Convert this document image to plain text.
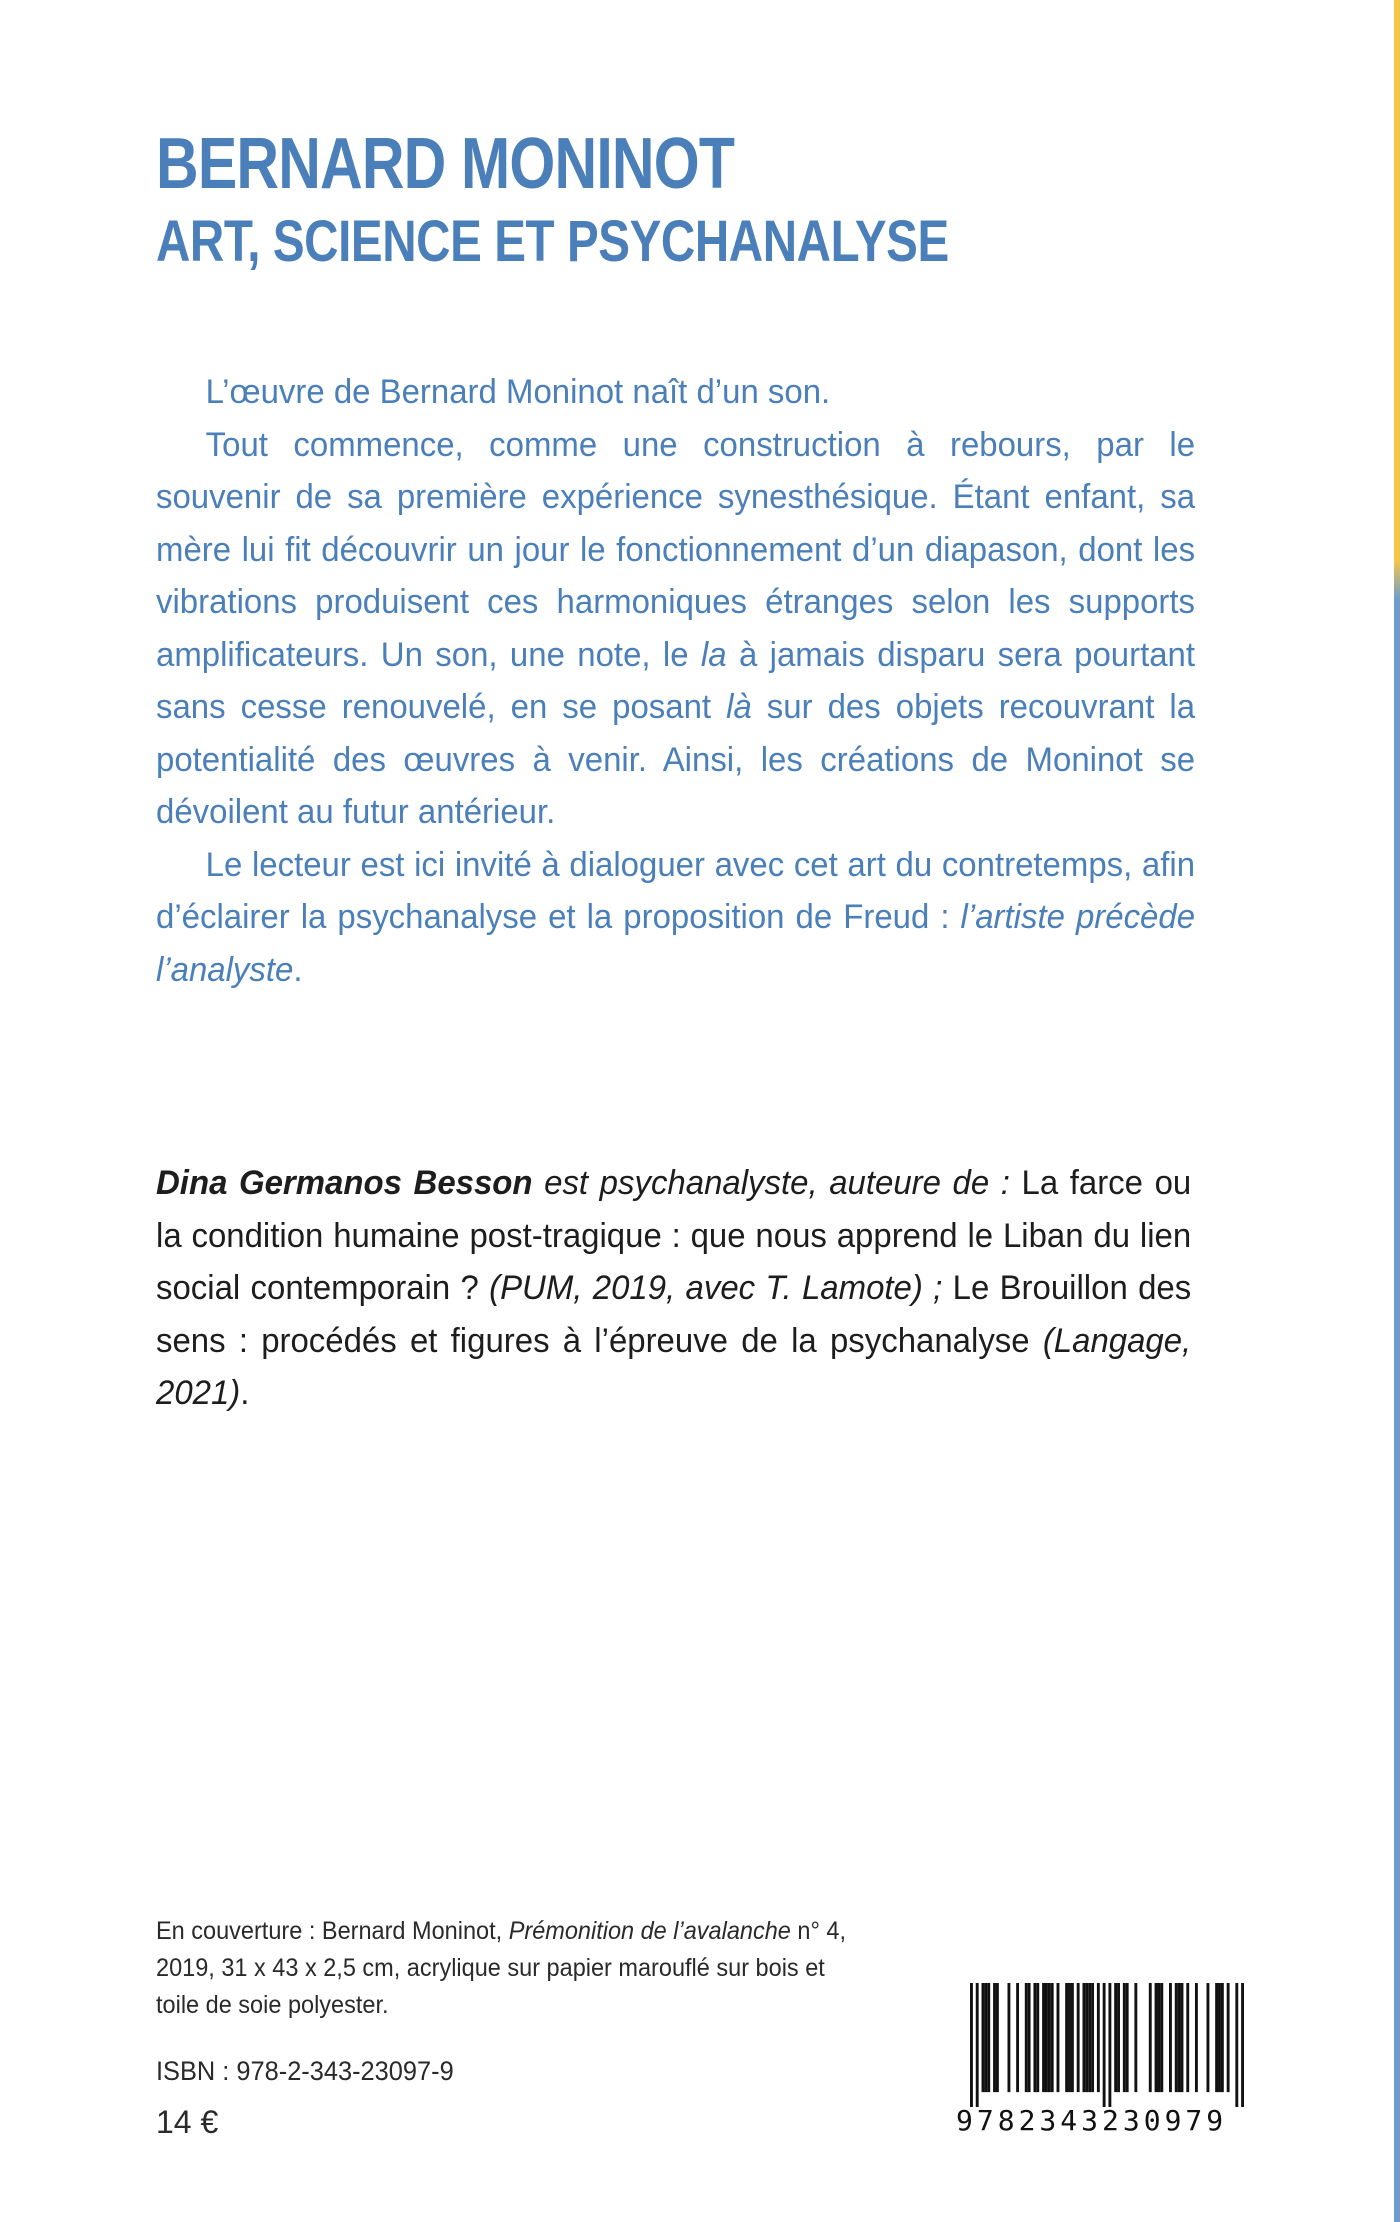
BERNARD MONINOT
ART, SCIENCE ET PSYCHANALYSE

L’œuvre de Bernard Moninot naît d’un son.

Tout commence, comme une construction à rebours, par le souvenir de sa première expérience synesthésique. Étant enfant, sa mère lui fit découvrir un jour le fonctionnement d’un diapason, dont les vibrations produisent ces harmoniques étranges selon les supports amplificateurs. Un son, une note, le la à jamais disparu sera pourtant sans cesse renouvelé, en se posant là sur des objets recouvrant la potentialité des œuvres à venir. Ainsi, les créations de Moninot se dévoilent au futur antérieur.

Le lecteur est ici invité à dialoguer avec cet art du contretemps, afin d’éclairer la psychanalyse et la proposition de Freud : l’artiste précède l’analyste.

Dina Germanos Besson est psychanalyste, auteure de : La farce ou la condition humaine post-tragique : que nous apprend le Liban du lien social contemporain ? (PUM, 2019, avec T. Lamote) ; Le Brouillon des sens : procédés et figures à l’épreuve de la psychanalyse (Langage, 2021).
En couverture : Bernard Moninot, Prémonition de l’avalanche n° 4, 2019, 31 x 43 x 2,5 cm, acrylique sur papier marouflé sur bois et toile de soie polyester.
ISBN : 978-2-343-23097-9
14 €	9782343230979
